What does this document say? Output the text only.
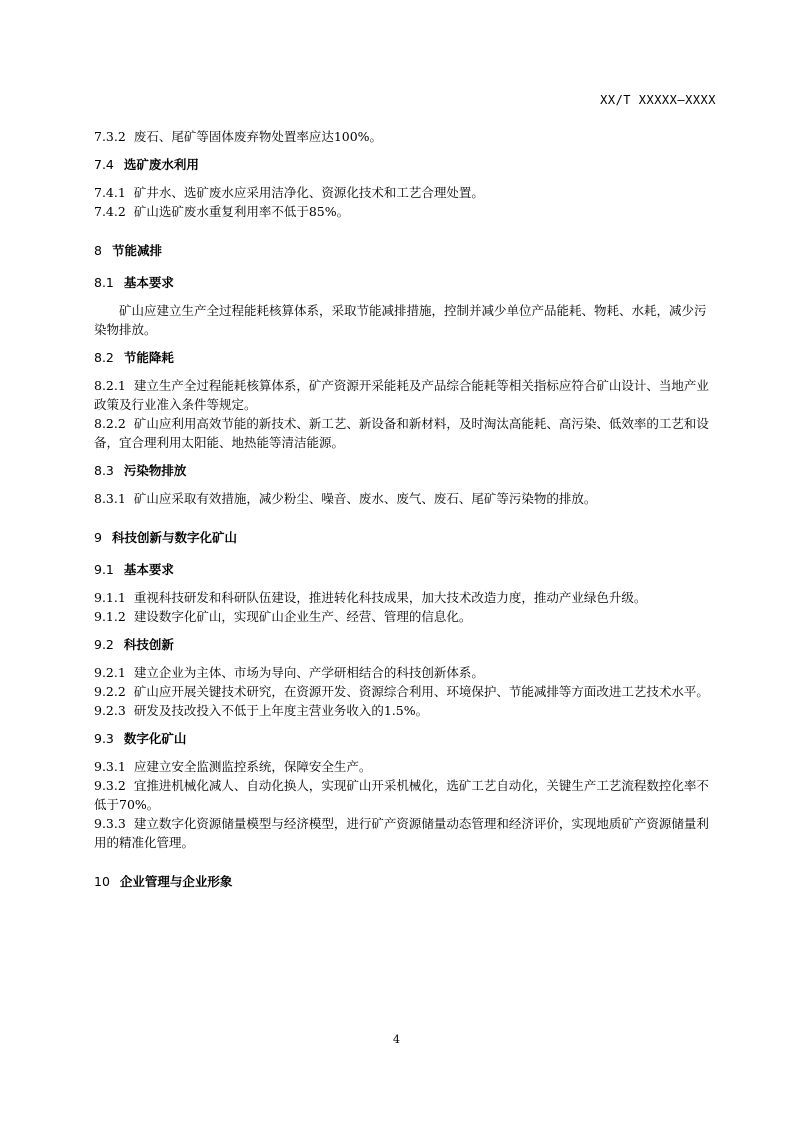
XX/T XXXXX—XXXX

7.3.2 废石、尾矿等固体废弃物处置率应达100%。

7.4 选矿废水利用

7.4.1 矿井水、选矿废水应采用洁净化、资源化技术和工艺合理处置。

7.4.2 矿山选矿废水重复利用率不低于85%。

8 节能减排

8.1 基本要求

矿山应建立生产全过程能耗核算体系，采取节能减排措施，控制并减少单位产品能耗、物耗、水耗，减少污染物排放。

8.2 节能降耗

8.2.1 建立生产全过程能耗核算体系，矿产资源开采能耗及产品综合能耗等相关指标应符合矿山设计、当地产业政策及行业准入条件等规定。

8.2.2 矿山应利用高效节能的新技术、新工艺、新设备和新材料，及时淘汰高能耗、高污染、低效率的工艺和设备，宜合理利用太阳能、地热能等清洁能源。

8.3 污染物排放

8.3.1 矿山应采取有效措施，减少粉尘、噪音、废水、废气、废石、尾矿等污染物的排放。

9 科技创新与数字化矿山

9.1 基本要求

9.1.1 重视科技研发和科研队伍建设，推进转化科技成果，加大技术改造力度，推动产业绿色升级。

9.1.2 建设数字化矿山，实现矿山企业生产、经营、管理的信息化。

9.2 科技创新

9.2.1 建立企业为主体、市场为导向、产学研相结合的科技创新体系。

9.2.2 矿山应开展关键技术研究，在资源开发、资源综合利用、环境保护、节能减排等方面改进工艺技术水平。

9.2.3 研发及技改投入不低于上年度主营业务收入的1.5%。

9.3 数字化矿山

9.3.1 应建立安全监测监控系统，保障安全生产。

9.3.2 宜推进机械化减人、自动化换人，实现矿山开采机械化，选矿工艺自动化，关键生产工艺流程数控化率不低于70%。

9.3.3 建立数字化资源储量模型与经济模型，进行矿产资源储量动态管理和经济评价，实现地质矿产资源储量利用的精准化管理。

10 企业管理与企业形象

4
